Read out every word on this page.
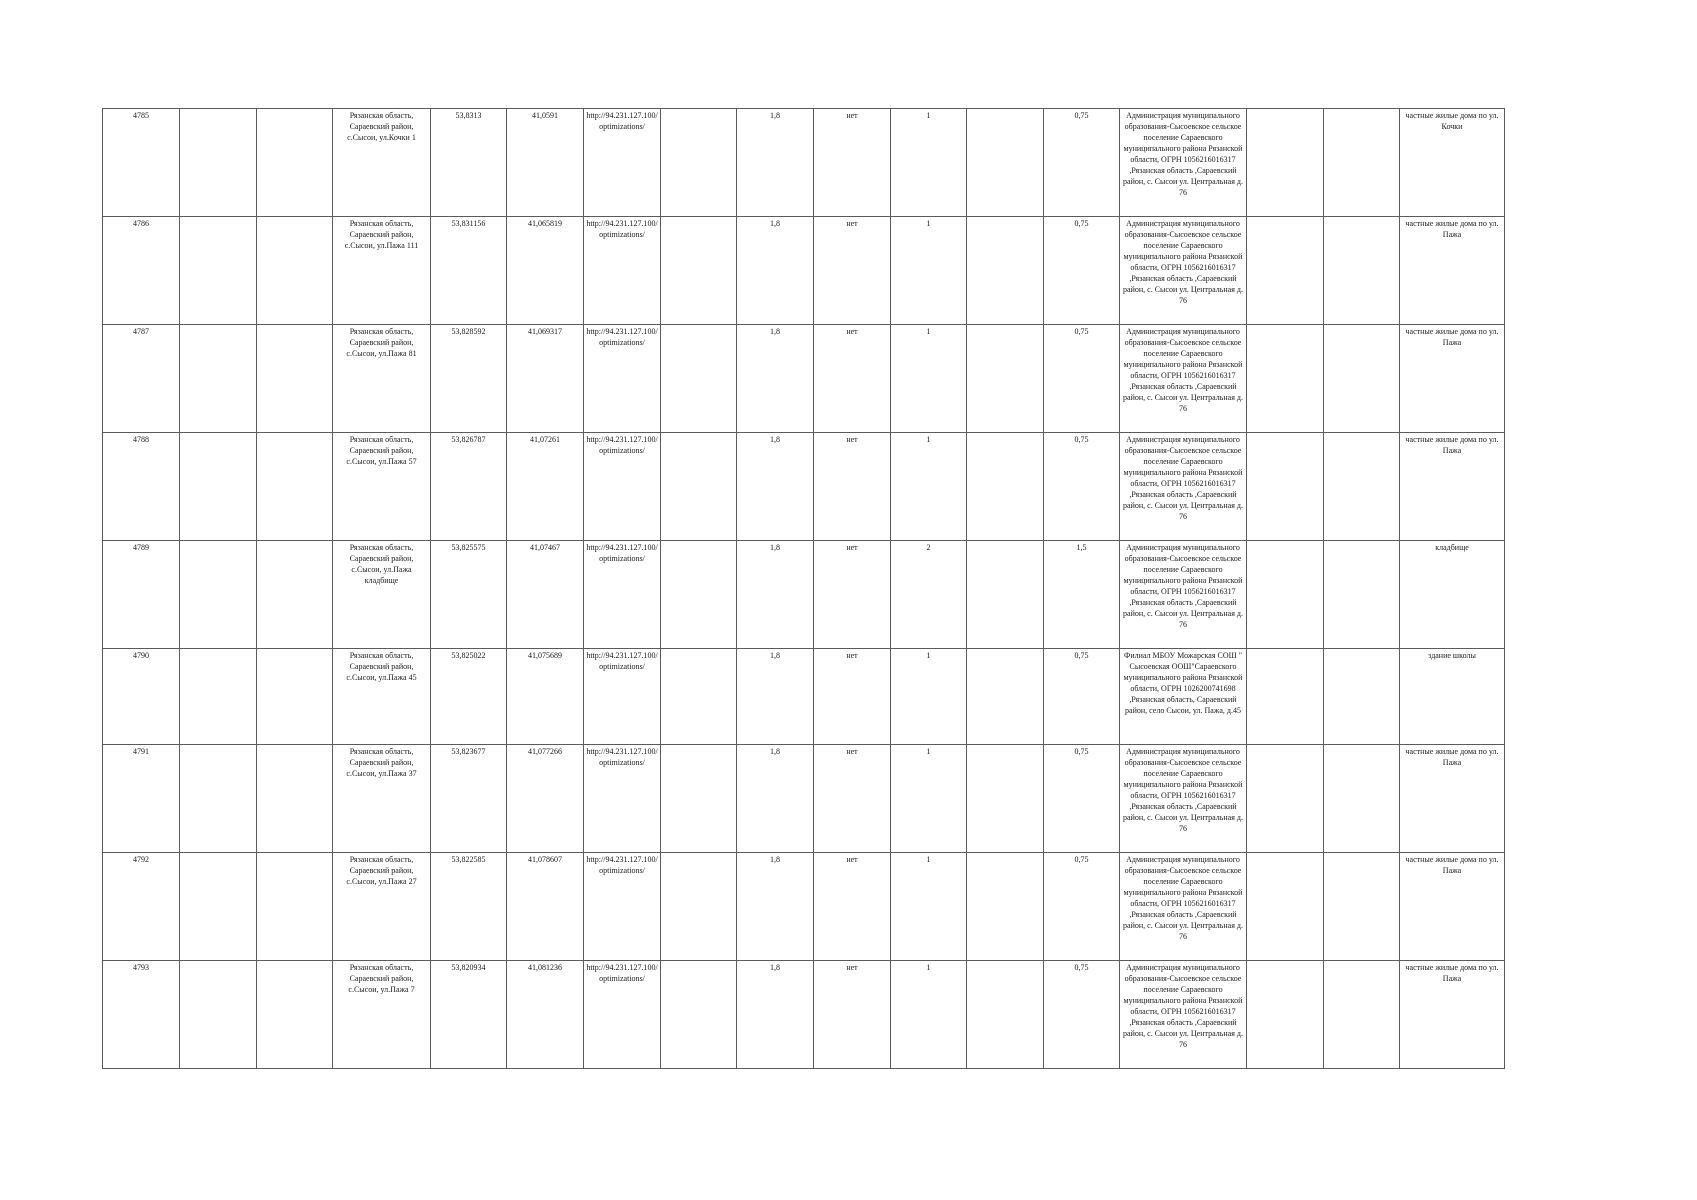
4785			Рязанская область, Сараевский район, с.Сысои, ул.Кочки 1	53,8313	41,0591	http://94.231.127.100/optimizations/		1,8	нет	1		0,75	Администрация муниципального образования-Сысоевское сельское поселение Сараевского муниципального района Рязанской области, ОГРН 1056216016317 ,Рязанская область ,Сараевский район, с. Сысои ул. Центральная д. 76			частные жилые дома по ул. Кочки
4786			Рязанская область, Сараевский район, с.Сысои, ул.Пажа 111	53,831156	41,065819	http://94.231.127.100/optimizations/		1,8	нет	1		0,75	Администрация муниципального образования-Сысоевское сельское поселение Сараевского муниципального района Рязанской области, ОГРН 1056216016317 ,Рязанская область ,Сараевский район, с. Сысои ул. Центральная д. 76			частные жилые дома по ул. Пажа
4787			Рязанская область, Сараевский район, с.Сысои, ул.Пажа 81	53,828592	41,069317	http://94.231.127.100/optimizations/		1,8	нет	1		0,75	Администрация муниципального образования-Сысоевское сельское поселение Сараевского муниципального района Рязанской области, ОГРН 1056216016317 ,Рязанская область ,Сараевский район, с. Сысои ул. Центральная д. 76			частные жилые дома по ул. Пажа
4788			Рязанская область, Сараевский район, с.Сысои, ул.Пажа 57	53,826787	41,07261	http://94.231.127.100/optimizations/		1,8	нет	1		0,75	Администрация муниципального образования-Сысоевское сельское поселение Сараевского муниципального района Рязанской области, ОГРН 1056216016317 ,Рязанская область ,Сараевский район, с. Сысои ул. Центральная д. 76			частные жилые дома по ул. Пажа
4789			Рязанская область, Сараевский район, с.Сысои, ул.Пажа кладбище	53,825575	41,07467	http://94.231.127.100/optimizations/		1,8	нет	2		1,5	Администрация муниципального образования-Сысоевское сельское поселение Сараевского муниципального района Рязанской области, ОГРН 1056216016317 ,Рязанская область ,Сараевский район, с. Сысои ул. Центральная д. 76			кладбище
4790			Рязанская область, Сараевский район, с.Сысои, ул.Пажа 45	53,825022	41,075689	http://94.231.127.100/optimizations/		1,8	нет	1		0,75	Филиал МБОУ Можарская СОШ " Сысоевская ООШ"Сараевского муниципального района Рязанской области, ОГРН 1026200741698 ,Рязанская область, Сараевский район, село Сысои, ул. Пажа, д.45			здание школы
4791			Рязанская область, Сараевский район, с.Сысои, ул.Пажа 37	53,823677	41,077266	http://94.231.127.100/optimizations/		1,8	нет	1		0,75	Администрация муниципального образования-Сысоевское сельское поселение Сараевского муниципального района Рязанской области, ОГРН 1056216016317 ,Рязанская область ,Сараевский район, с. Сысои ул. Центральная д. 76			частные жилые дома по ул. Пажа
4792			Рязанская область, Сараевский район, с.Сысои, ул.Пажа 27	53,822585	41,078607	http://94.231.127.100/optimizations/		1,8	нет	1		0,75	Администрация муниципального образования-Сысоевское сельское поселение Сараевского муниципального района Рязанской области, ОГРН 1056216016317 ,Рязанская область ,Сараевский район, с. Сысои ул. Центральная д. 76			частные жилые дома по ул. Пажа
4793			Рязанская область, Сараевский район, с.Сысои, ул.Пажа 7	53,820934	41,081236	http://94.231.127.100/optimizations/		1,8	нет	1		0,75	Администрация муниципального образования-Сысоевское сельское поселение Сараевского муниципального района Рязанской области, ОГРН 1056216016317 ,Рязанская область ,Сараевский район, с. Сысои ул. Центральная д. 76			частные жилые дома по ул. Пажа
